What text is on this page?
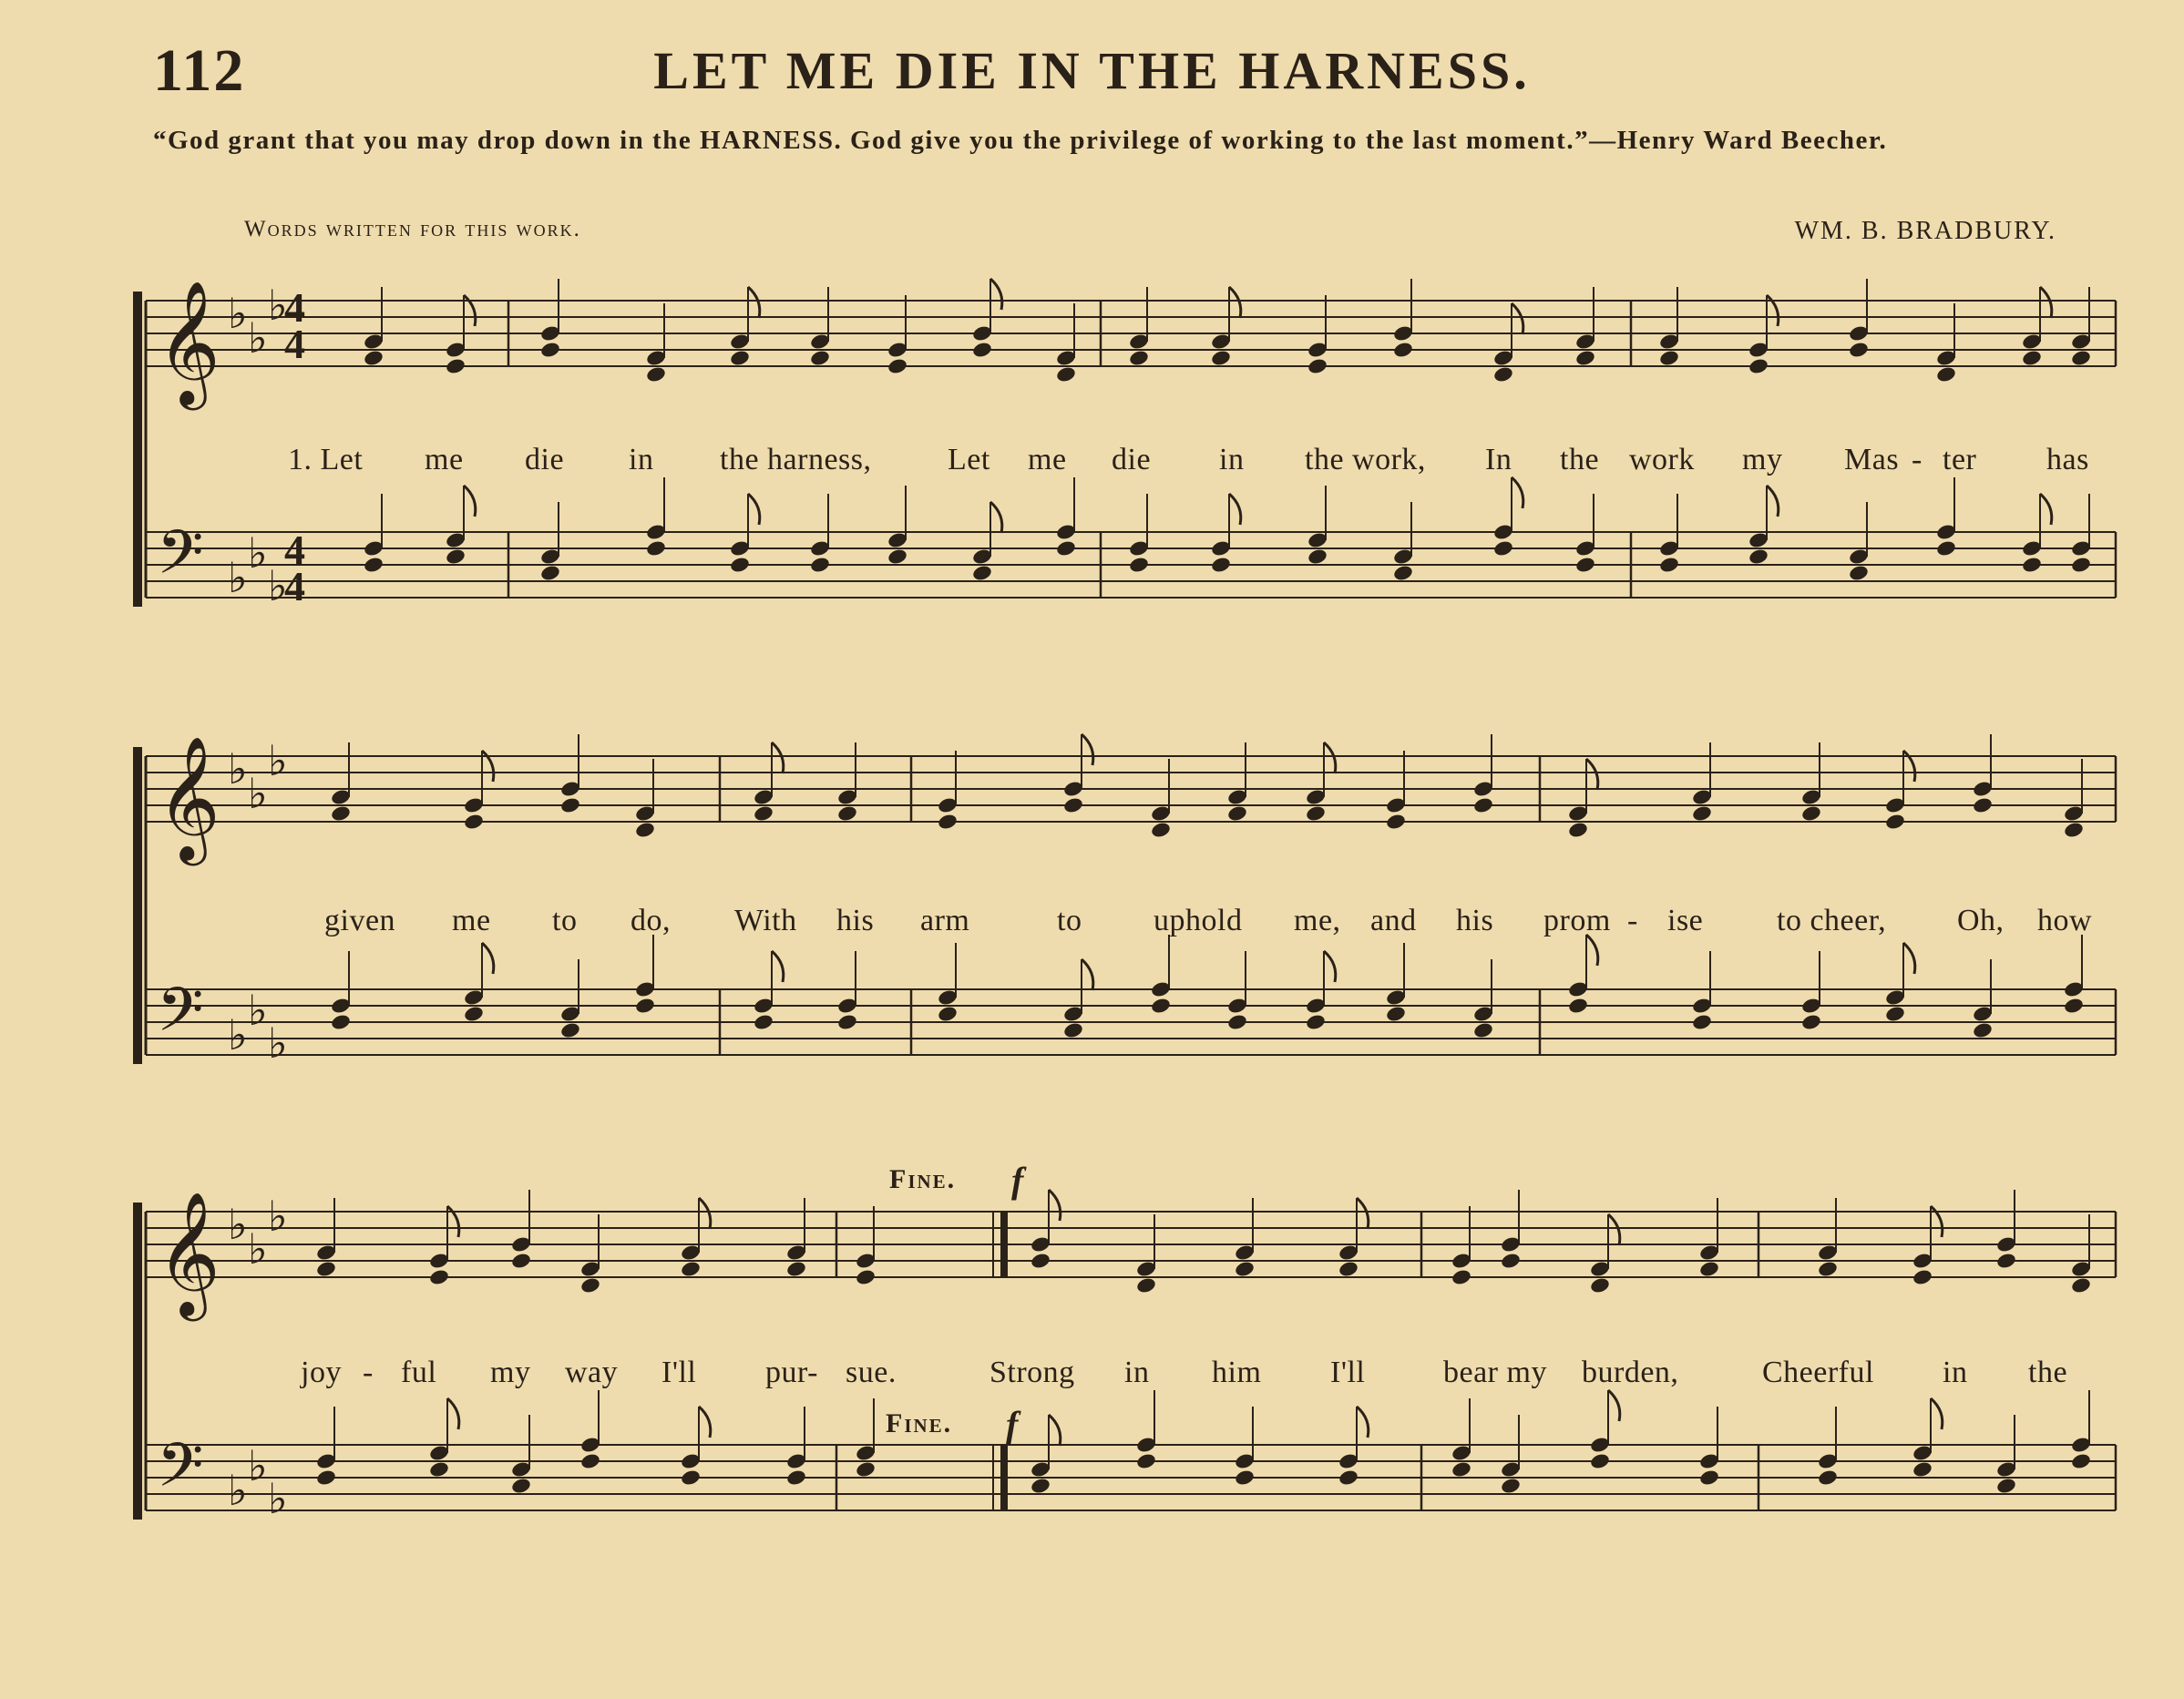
112	LET ME DIE IN THE HARNESS.
“God grant that you may drop down in the HARNESS. God give you the privilege of working to the last moment.”—Henry Ward Beecher.
Words written for this work.	WM. B. BRADBURY.
𝄞 ♭ ♭
♭
𝄢 ♭ ♭
♭
𝄞 ♭ ♭
♭
𝄢 ♭ ♭
♭
𝄞 ♭ ♭
♭
𝄢 ♭ ♭
♭
1. Let me die in the harness, Let me die in the work, In the work my Mas - ter has
given me to do, With his arm	to uphold me, and his prom - ise to cheer, Oh, how
joy - ful my way I'll pur- sue.	Strong in him I'll	bear my burden,	Cheerful in the
Fine. f
Fine. f
4
4
4
4
